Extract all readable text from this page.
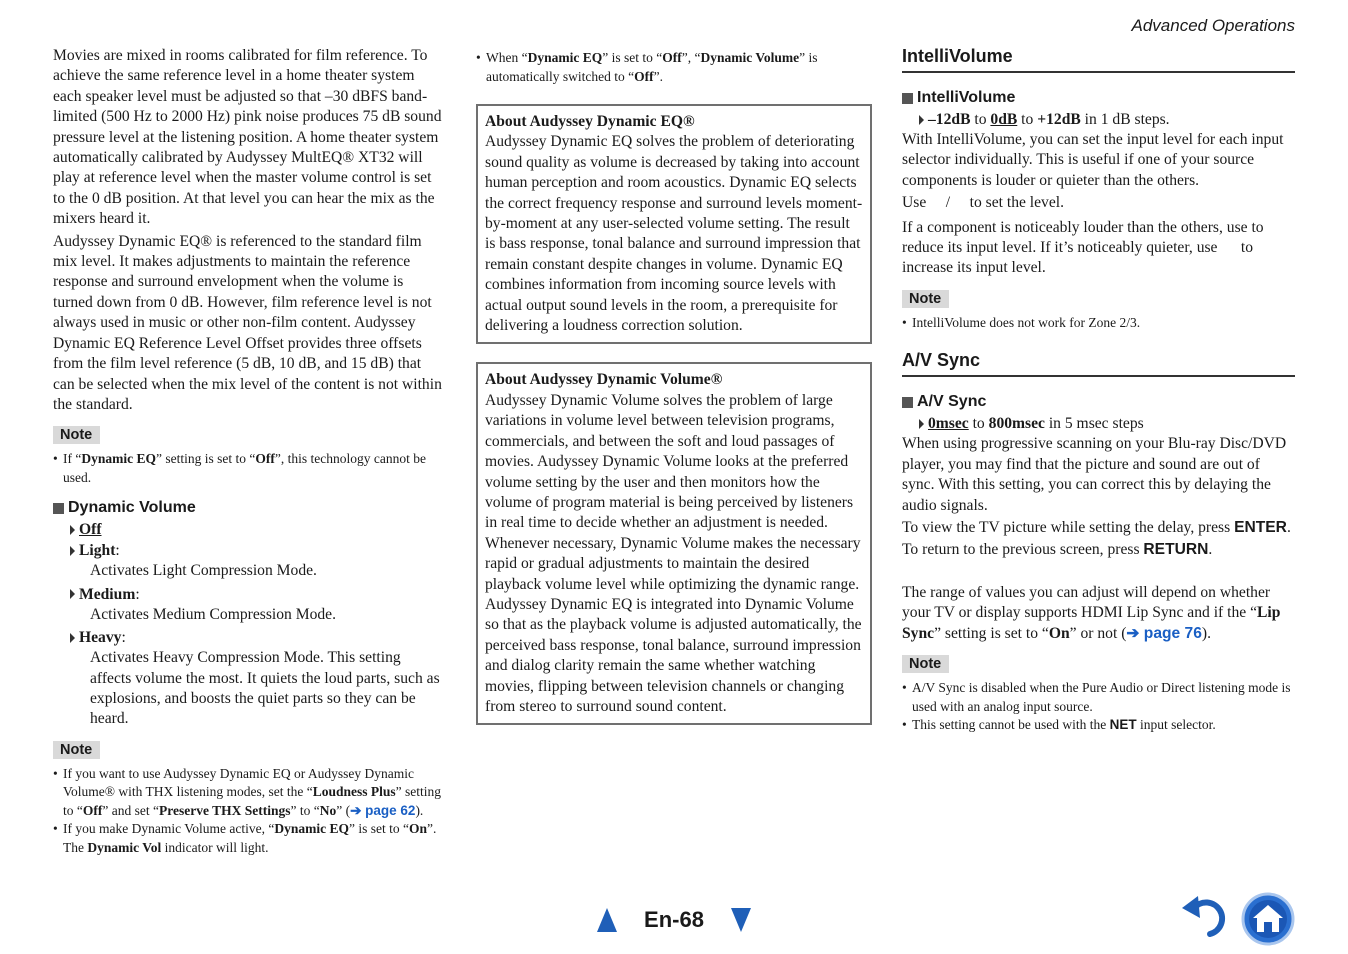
Advanced Operations

Movies are mixed in rooms calibrated for film reference. To achieve the same reference level in a home theater system each speaker level must be adjusted so that –30 dBFS band-limited (500 Hz to 2000 Hz) pink noise produces 75 dB sound pressure level at the listening position. A home theater system automatically calibrated by Audyssey MultEQ® XT32 will play at reference level when the master volume control is set to the 0 dB position. At that level you can hear the mix as the mixers heard it.

Audyssey Dynamic EQ® is referenced to the standard film mix level. It makes adjustments to maintain the reference response and surround envelopment when the volume is turned down from 0 dB. However, film reference level is not always used in music or other non-film content. Audyssey Dynamic EQ Reference Level Offset provides three offsets from the film level reference (5 dB, 10 dB, and 15 dB) that can be selected when the mix level of the content is not within the standard.

Note
• If “Dynamic EQ” setting is set to “Off”, this technology cannot be used.
Dynamic Volume
Off
Light :
Activates Light Compression Mode.
Medium :
Activates Medium Compression Mode.
Heavy :
Activates Heavy Compression Mode. This setting affects volume the most. It quiets the loud parts, such as explosions, and boosts the quiet parts so they can be heard.
Note
• If you want to use Audyssey Dynamic EQ or Audyssey Dynamic Volume® with THX listening modes, set the “Loudness Plus” setting to “Off” and set “Preserve THX Settings” to “No” (➔ page 62).
• If you make Dynamic Volume active, “Dynamic EQ” is set to “On”. The Dynamic Vol indicator will light.
• When “Dynamic EQ” is set to “Off”, “Dynamic Volume” is automatically switched to “Off”.
About Audyssey Dynamic EQ®

Audyssey Dynamic EQ solves the problem of deteriorating sound quality as volume is decreased by taking into account human perception and room acoustics. Dynamic EQ selects the correct frequency response and surround levels moment-by-moment at any user-selected volume setting. The result is bass response, tonal balance and surround impression that remain constant despite changes in volume. Dynamic EQ combines information from incoming source levels with actual output sound levels in the room, a prerequisite for delivering a loudness correction solution.

About Audyssey Dynamic Volume®

Audyssey Dynamic Volume solves the problem of large variations in volume level between television programs, commercials, and between the soft and loud passages of movies. Audyssey Dynamic Volume looks at the preferred volume setting by the user and then monitors how the volume of program material is being perceived by listeners in real time to decide whether an adjustment is needed. Whenever necessary, Dynamic Volume makes the necessary rapid or gradual adjustments to maintain the desired playback volume level while optimizing the dynamic range. Audyssey Dynamic EQ is integrated into Dynamic Volume so that as the playback volume is adjusted automatically, the perceived bass response, tonal balance, surround impression and dialog clarity remain the same whether watching movies, flipping between television channels or changing from stereo to surround sound content.

IntelliVolume
IntelliVolume
–12dB to 0dB to +12dB in 1 dB steps.

With IntelliVolume, you can set the input level for each input selector individually. This is useful if one of your source components is louder or quieter than the others.

Use / to set the level.

If a component is noticeably louder than the others, use to reduce its input level. If it’s noticeably quieter, use to increase its input level.

Note
• IntelliVolume does not work for Zone 2/3.
A/V Sync
A/V Sync
0msec to 800msec in 5 msec steps

When using progressive scanning on your Blu-ray Disc/DVD player, you may find that the picture and sound are out of sync. With this setting, you can correct this by delaying the audio signals.

To view the TV picture while setting the delay, press ENTER.

To return to the previous screen, press RETURN.

The range of values you can adjust will depend on whether your TV or display supports HDMI Lip Sync and if the “Lip Sync” setting is set to “On” or not (➔ page 76).

Note
• A/V Sync is disabled when the Pure Audio or Direct listening mode is used with an analog input source.
• This setting cannot be used with the NET input selector.
En-68
